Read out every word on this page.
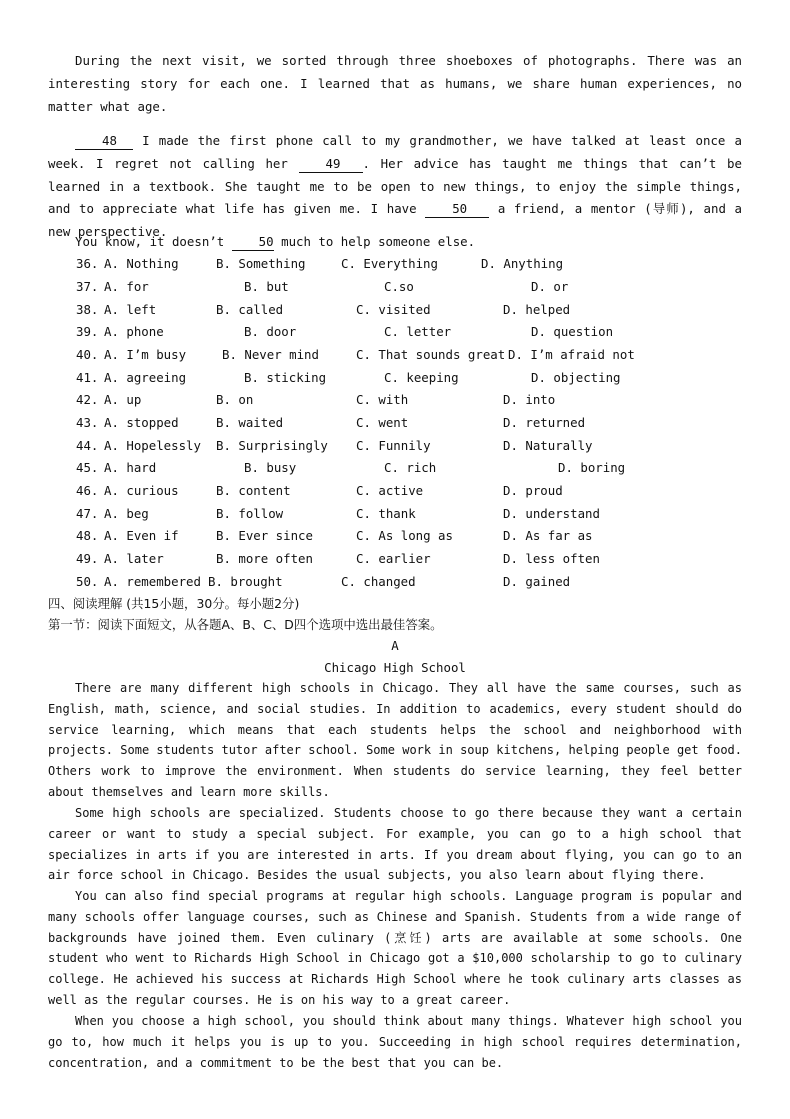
During the next visit, we sorted through three shoeboxes of photographs. There was an interesting story for each one. I learned that as humans, we share human experiences, no matter what age.

48 I made the first phone call to my grandmother, we have talked at least once a week. I regret not calling her 49 . Her advice has taught me things that can’t be learned in a textbook. She taught me to be open to new things, to enjoy the simple things, and to appreciate what life has given me. I have 50 a friend, a mentor (导师), and a new perspective.

You know, it doesn’t 50 much to help someone else.

36. A. Nothing	B. Something	C. Everything	D. Anything
37. A. for	B. but	C.so	D. or
38. A. left	B. called	C. visited	D. helped
39. A. phone	B. door	C. letter	D. question
40. A. I’m busy	B. Never mind	C. That sounds great D. I’m afraid not
41. A. agreeing	B. sticking	C. keeping	D. objecting
42. A. up	B. on	C. with	D. into
43. A. stopped	B. waited	C. went	D. returned
44. A. Hopelessly B. Surprisingly C. Funnily	D. Naturally
45. A. hard	B. busy	C. rich	D. boring
46. A. curious	B. content	C. active	D. proud
47. A. beg	B. follow	C. thank	D. understand
48. A. Even if	B. Ever since	C. As long as	D. As far as
49. A. later	B. more often	C. earlier	D. less often
50. A. remembered B. brought	C. changed	D. gained
四、阅读理解 (共15小题，30分。每小题2分)
第一节：阅读下面短文，从各题A、B、C、D四个选项中选出最佳答案。
A
Chicago High School

There are many different high schools in Chicago. They all have the same courses, such as English, math, science, and social studies. In addition to academics, every student should do service learning, which means that each students helps the school and neighborhood with projects. Some students tutor after school. Some work in soup kitchens, helping people get food. Others work to improve the environment. When students do service learning, they feel better about themselves and learn more skills.

Some high schools are specialized. Students choose to go there because they want a certain career or want to study a special subject. For example, you can go to a high school that specializes in arts if you are interested in arts. If you dream about flying, you can go to an air force school in Chicago. Besides the usual subjects, you also learn about flying there.

You can also find special programs at regular high schools. Language program is popular and many schools offer language courses, such as Chinese and Spanish. Students from a wide range of backgrounds have joined them. Even culinary (烹饪) arts are available at some schools. One student who went to Richards High School in Chicago got a $10,000 scholarship to go to culinary college. He achieved his success at Richards High School where he took culinary arts classes as well as the regular courses. He is on his way to a great career.

When you choose a high school, you should think about many things. Whatever high school you go to, how much it helps you is up to you. Succeeding in high school requires determination, concentration, and a commitment to be the best that you can be.
